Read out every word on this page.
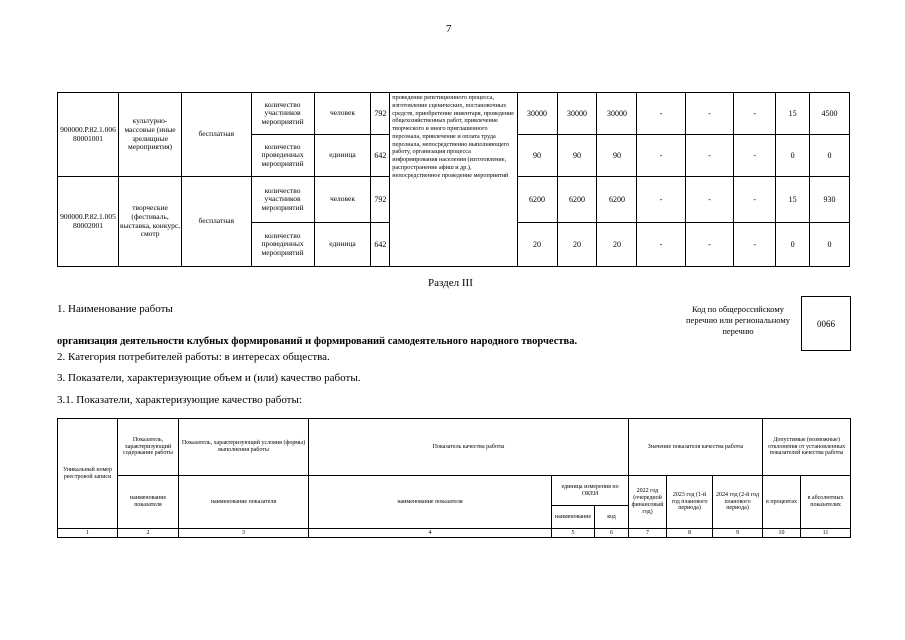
7
900000.Р.82.1.006 80001001	культурно-массовые (иные зрелищные мероприятия)	бесплатная	количество участников мероприятий	человек	792	проведение репетиционного процесса, изготовление сценических, постановочных средств, приобретение инвентаря, проведение общехозяйственных работ, привлечение творческого и иного приглашенного персонала, привлечение и оплата труда персонала, непосредственно выполняющего работу, организация процесса информирования населения (изготовление, распространение афиш и др.), непосредственное проведение мероприятий	30000	30000	30000	-	-	-	15	4500
			количество проведенных мероприятий	единица	642		90	90	90	-	-	-	0	0
900000.Р.82.1.005 80002001	творческие (фестиваль, выставка, конкурс, смотр	бесплатная	количество участников мероприятий	человек	792		6200	6200	6200	-	-	-	15	930
			количество проведенных мероприятий	единица	642		20	20	20	-	-	-	0	0
Раздел III
1. Наименование работы	Код по общероссийскому перечню или региональному перечню
0066
организация деятельности клубных формирований и формирований самодеятельного народного творчества.
2. Категория потребителей работы: в интересах общества.
3. Показатели, характеризующие объем и (или) качество работы.
3.1. Показатели, характеризующие качество работы:
Уникальный номер реестровой записи	Показатель, характеризующий содержание работы	Показатель, характеризующий условия (формы) выполнения работы	Показатель качества работы			Значение показателя качества работы			Допустимые (возможные) отклонения от установленных показателей качества работы	
	наименование показателя	наименование показателя	наименование показателя	единица измерения по ОКЕИ		2022 год (очередной финансовый год)	2023 год (1-й год планового периода)	2024 год (2-й год планового периода)	в процентах	в абсолютных показателях
				наименование	код					
1	2	3	4	5	6	7	8	9	10	11
